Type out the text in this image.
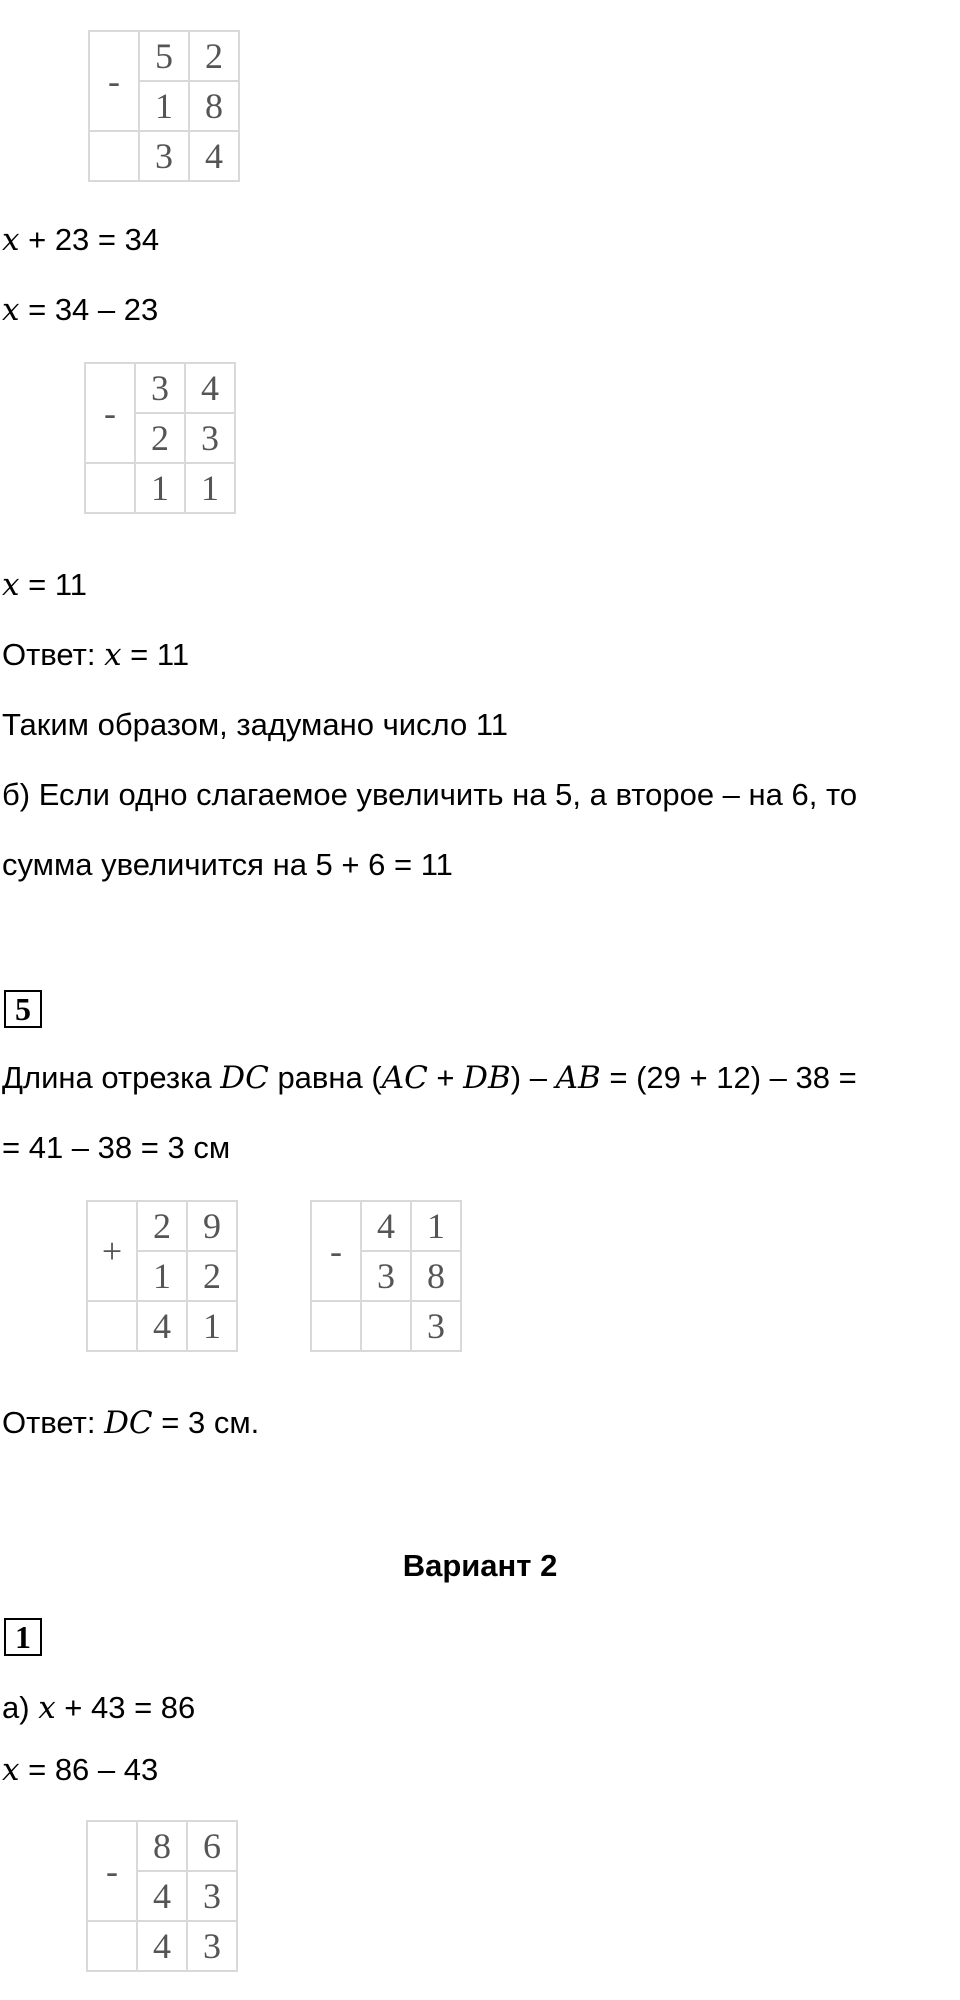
-	5	2
	1	8
	3	4
x + 23 = 34
x = 34 – 23
-	3	4
	2	3
	1	1
x = 11
Ответ: x = 11
Таким образом, задумано число 11
б) Если одно слагаемое увеличить на 5, а второе – на 6, то
сумма увеличится на 5 + 6 = 11
5
Длина отрезка DC равна (AC + DB) – AB = (29 + 12) – 38 =
= 41 – 38 = 3 см
+	2	9
	1	2
	4	1
-	4	1
	3	8
		3
Ответ: DC = 3 см.
Вариант 2
1
а) x + 43 = 86
x = 86 – 43
-	8	6
	4	3
	4	3
